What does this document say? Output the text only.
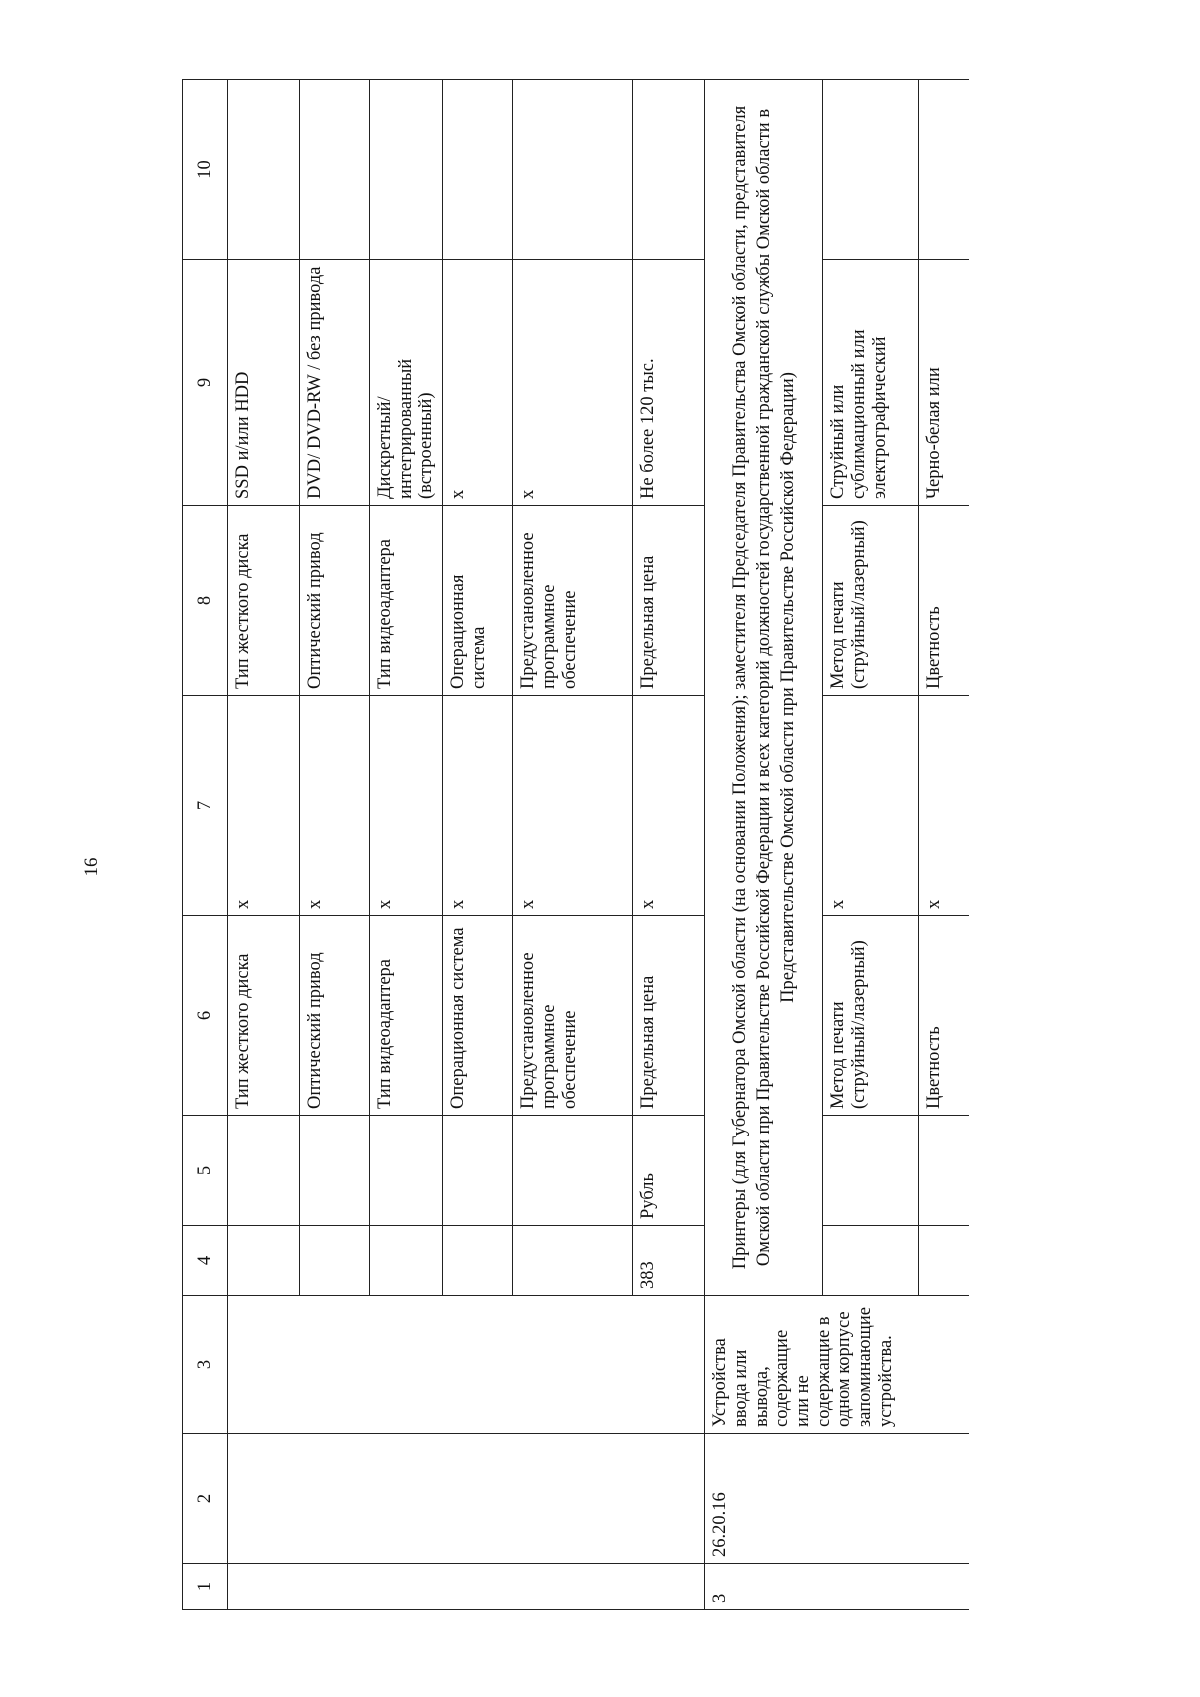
16
1	2	3	4	5	6	7	8	9	10
					Тип жесткого диска	x	Тип жесткого диска	SSD и/или HDD	
					Оптический привод	x	Оптический привод	DVD/ DVD-RW / без привода	
					Тип видеоадаптера	x	Тип видеоадаптера	Дискретный/интегрированный (встроенный)	
					Операционная система	x	Операционная система	x	
					Предустановленное программное обеспечение	x	Предустановленное программное обеспечение	x	
			383	Рубль	Предельная цена	x	Предельная цена	Не более 120 тыс.	
3	26.20.16	Устройства ввода или вывода, содержащие или не содержащие в одном корпусе запоминающие устройства.	Принтеры (для Губернатора Омской области (на основании Положения); заместителя Председателя Правительства Омской области, представителя Омской области при Правительстве Российской Федерации и всех категорий должностей государственной гражданской службы Омской области в Представительстве Омской области при Правительстве Российской Федерации)						
					Метод печати (струйный/лазерный)	x	Метод печати (струйный/лазерный)	Струйный или сублимационный или электрографический	
					Цветность	x	Цветность	Черно-белая или	
